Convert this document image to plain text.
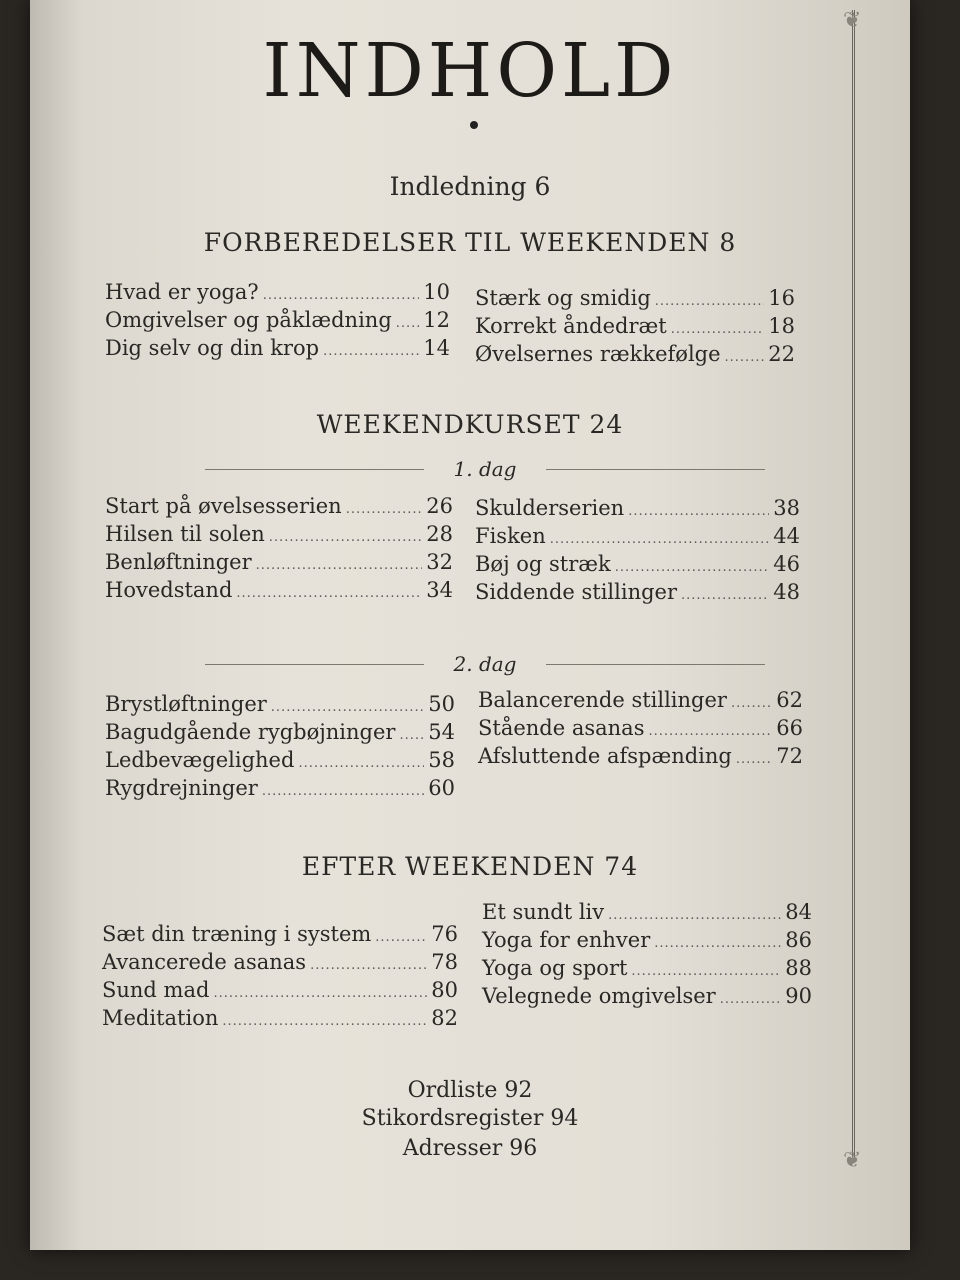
❦
❦
INDHOLD
Indledning 6
FORBEREDELSER TIL WEEKENDEN 8
Hvad er yoga? .....	10
Omgivelser og påklædning ..... 12
Dig selv og din krop .....	14
Stærk og smidig .....	16
Korrekt åndedræt .....	18
Øvelsernes rækkefølge ..... 22
WEEKENDKURSET 24
1. dag
Start på øvelsesserien .....	26
Hilsen til solen .....	28
Benløftninger .....	32
Hovedstand .....	34
Skulderserien .....	38
Fisken .....	44
Bøj og stræk .....	46
Siddende stillinger .....	48
2. dag
Brystløftninger .....	50
Bagudgående rygbøjninger ..... 54
Ledbevægelighed .....	58
Rygdrejninger .....	60
Balancerende stillinger ..... 62
Stående asanas .....	66
Afsluttende afspænding ..... 72
EFTER WEEKENDEN 74
Sæt din træning i system .....	76
Avancerede asanas .....	78
Sund mad .....	80
Meditation .....	82
Et sundt liv .....	84
Yoga for enhver .....	86
Yoga og sport .....	88
Velegnede omgivelser .....	90
Ordliste 92
Stikordsregister 94
Adresser 96
